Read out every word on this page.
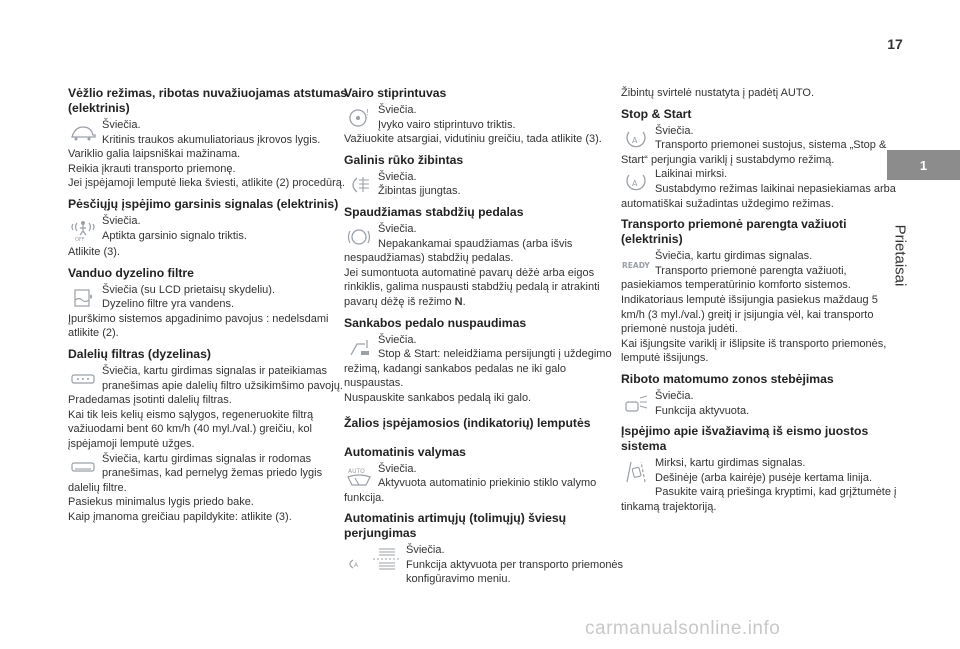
17
1
Prietaisai
Vėžlio režimas, ribotas nuvažiuojamas atstumas (elektrinis)

Šviečia.

Kritinis traukos akumuliatoriaus įkrovos lygis.

Variklio galia laipsniškai mažinama.

Reikia įkrauti transporto priemonę.

Jei įspėjamoji lemputė lieka šviesti, atlikite (2) procedūrą.

Pėsčiųjų įspėjimo garsinis signalas (elektrinis)
OFF

Šviečia.

Aptikta garsinio signalo triktis.

Atlikite (3).

Vanduo dyzelino filtre

Šviečia (su LCD prietaisų skydeliu).

Dyzelino filtre yra vandens.

Įpurškimo sistemos apgadinimo pavojus : nedelsdami atlikite (2).

Dalelių filtras (dyzelinas)

Šviečia, kartu girdimas signalas ir pateikiamas pranešimas apie dalelių filtro užsikimšimo pavojų.

Pradedamas įsotinti dalelių filtras.

Kai tik leis kelių eismo sąlygos, regeneruokite filtrą važiuodami bent 60 km/h (40 myl./val.) greičiu, kol įspėjamoji lemputė užges.

Šviečia, kartu girdimas signalas ir rodomas pranešimas, kad pernelyg žemas priedo lygis dalelių filtre.

Pasiekus minimalus lygis priedo bake.

Kaip įmanoma greičiau papildykite: atlikite (3).

Vairo stiprintuvas
! Šviečia.

Įvyko vairo stiprintuvo triktis.

Važiuokite atsargiai, vidutiniu greičiu, tada atlikite (3).

Galinis rūko žibintas

Šviečia.

Žibintas įjungtas.

Spaudžiamas stabdžių pedalas

Šviečia.

Nepakankamai spaudžiamas (arba išvis nespaudžiamas) stabdžių pedalas.

Jei sumontuota automatinė pavarų dėžė arba eigos rinkiklis, galima nuspausti stabdžių pedalą ir atrakinti pavarų dėžę iš režimo N.

Sankabos pedalo nuspaudimas

Šviečia.

Stop & Start: neleidžiama persijungti į uždegimo režimą, kadangi sankabos pedalas ne iki galo nuspaustas.

Nuspauskite sankabos pedalą iki galo.

Žalios įspėjamosios (indikatorių) lemputės
Automatinis valymas
AUTO	Šviečia.

Aktyvuota automatinio priekinio stiklo valymo funkcija.

Automatinis artimųjų (tolimųjų) šviesų perjungimas
A

Šviečia.

Funkcija aktyvuota per transporto priemonės konfigūravimo meniu.

Žibintų svirtelė nustatyta į padėtį AUTO.

Stop & Start
A

Šviečia.

Transporto priemonei sustojus, sistema „Stop & Start“ perjungia variklį į sustabdymo režimą.

A

Laikinai mirksi.

Sustabdymo režimas laikinai nepasiekiamas arba automatiškai sužadintas uždegimo režimas.

Transporto priemonė parengta važiuoti (elektrinis)
READY

Šviečia, kartu girdimas signalas.

Transporto priemonė parengta važiuoti, pasiekiamos temperatūrinio komforto sistemos.

Indikatoriaus lemputė išsijungia pasiekus maždaug 5 km/h (3 myl./val.) greitį ir įsijungia vėl, kai transporto priemonė nustoja judėti.

Kai išjungsite variklį ir išlipsite iš transporto priemonės, lemputė išsijungs.

Riboto matomumo zonos stebėjimas

Šviečia.

Funkcija aktyvuota.

Įspėjimo apie išvažiavimą iš eismo juostos sistema

Mirksi, kartu girdimas signalas.

Dešinėje (arba kairėje) pusėje kertama linija.

Pasukite vairą priešinga kryptimi, kad grįžtumėte į tinkamą trajektoriją.

carmanualsonline.info
